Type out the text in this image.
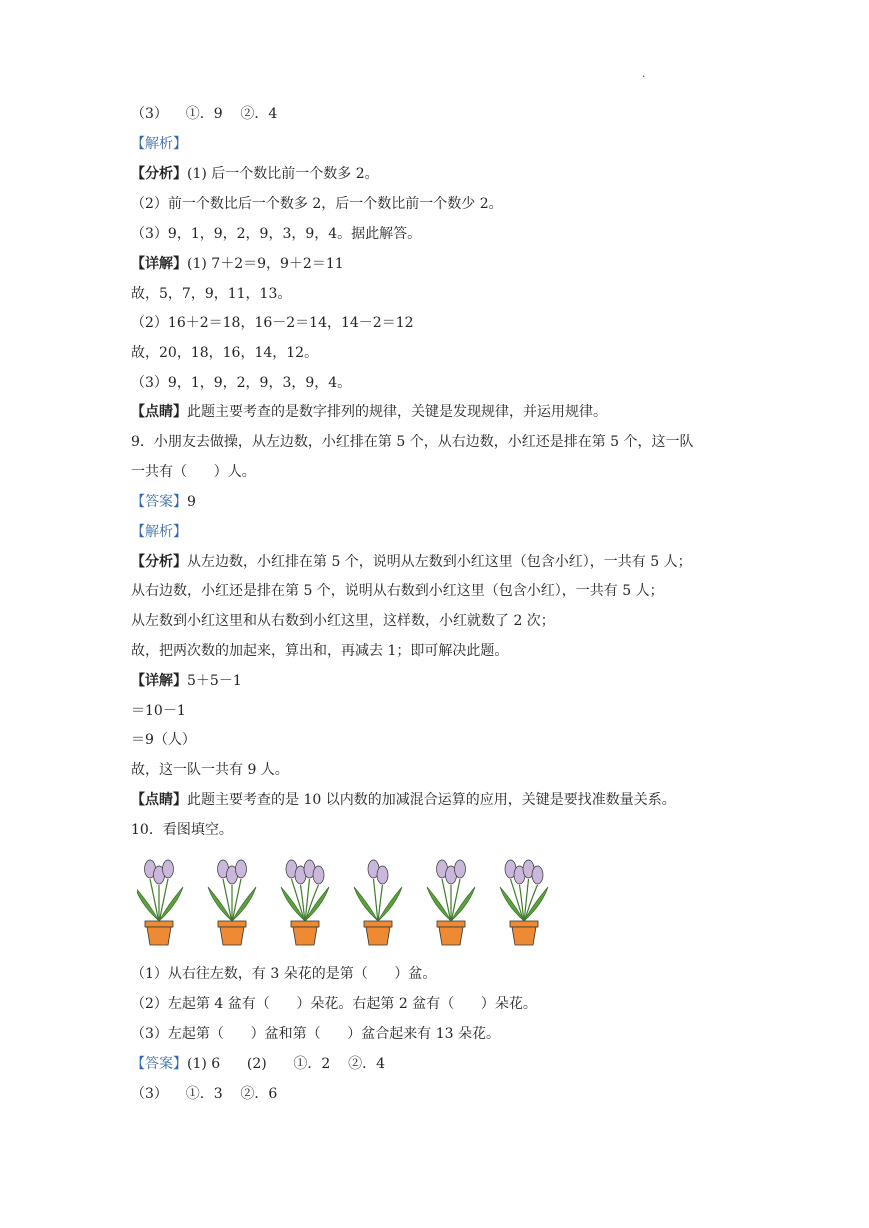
·
（3）    ①．9    ②．4
【解析】
【分析】(1) 后一个数比前一个数多 2。
（2）前一个数比后一个数多 2，后一个数比前一个数少 2。
（3）9，1，9，2，9，3，9，4。据此解答。
【详解】(1) 7＋2＝9，9＋2＝11
故，5，7，9，11，13。
（2）16＋2＝18，16－2＝14，14－2＝12
故，20，18，16，14，12。
（3）9，1，9，2，9，3，9，4。
【点睛】此题主要考查的是数字排列的规律，关键是发现规律，并运用规律。
9．小朋友去做操，从左边数，小红排在第 5 个，从右边数，小红还是排在第 5 个，这一队
一共有（      ）人。
【答案】9
【解析】
【分析】从左边数，小红排在第 5 个，说明从左数到小红这里（包含小红），一共有 5 人；
从右边数，小红还是排在第 5 个，说明从右数到小红这里（包含小红），一共有 5 人；
从左数到小红这里和从右数到小红这里，这样数，小红就数了 2 次；
故，把两次数的加起来，算出和，再减去 1；即可解决此题。
【详解】5＋5－1
＝10－1
＝9（人）
故，这一队一共有 9 人。
【点睛】此题主要考查的是 10 以内数的加减混合运算的应用，关键是要找准数量关系。
10．看图填空。
（1）从右往左数，有 3 朵花的是第（      ）盆。
（2）左起第 4 盆有（      ）朵花。右起第 2 盆有（      ）朵花。
（3）左起第（      ）盆和第（      ）盆合起来有 13 朵花。
【答案】(1) 6      (2)      ①．2    ②．4
（3）    ①．3    ②．6
